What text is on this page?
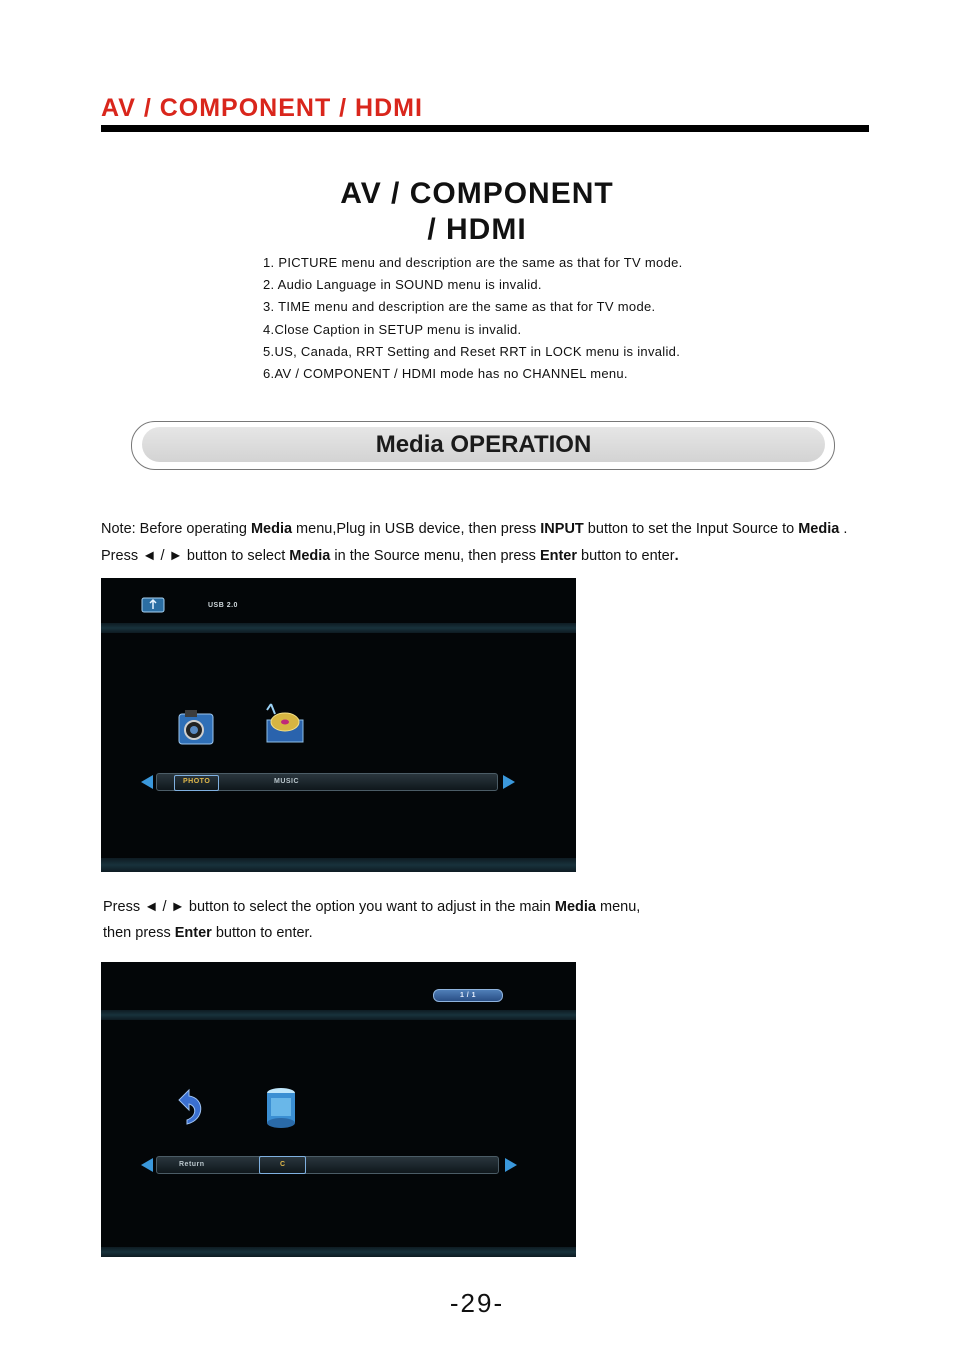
AV / COMPONENT / HDMI
AV / COMPONENT
/ HDMI
1. PICTURE menu and description are the same as that for TV mode.
2. Audio Language in SOUND menu is invalid.
3. TIME menu and description are the same as that for TV mode.
4.Close Caption in SETUP menu is invalid.
5.US, Canada, RRT Setting and Reset RRT in LOCK menu is invalid.
6.AV / COMPONENT / HDMI mode has no CHANNEL menu.
Media OPERATION
Note: Before operating Media menu,Plug in USB device, then press INPUT button to set the Input Source to Media .
Press ◄ / ► button to select Media in the Source menu, then press Enter button to enter.
USB 2.0
PHOTO	MUSIC
Press ◄ / ► button to select the option you want to adjust in the main Media menu,
then press Enter button to enter.
1 / 1
Return	C
-29-
